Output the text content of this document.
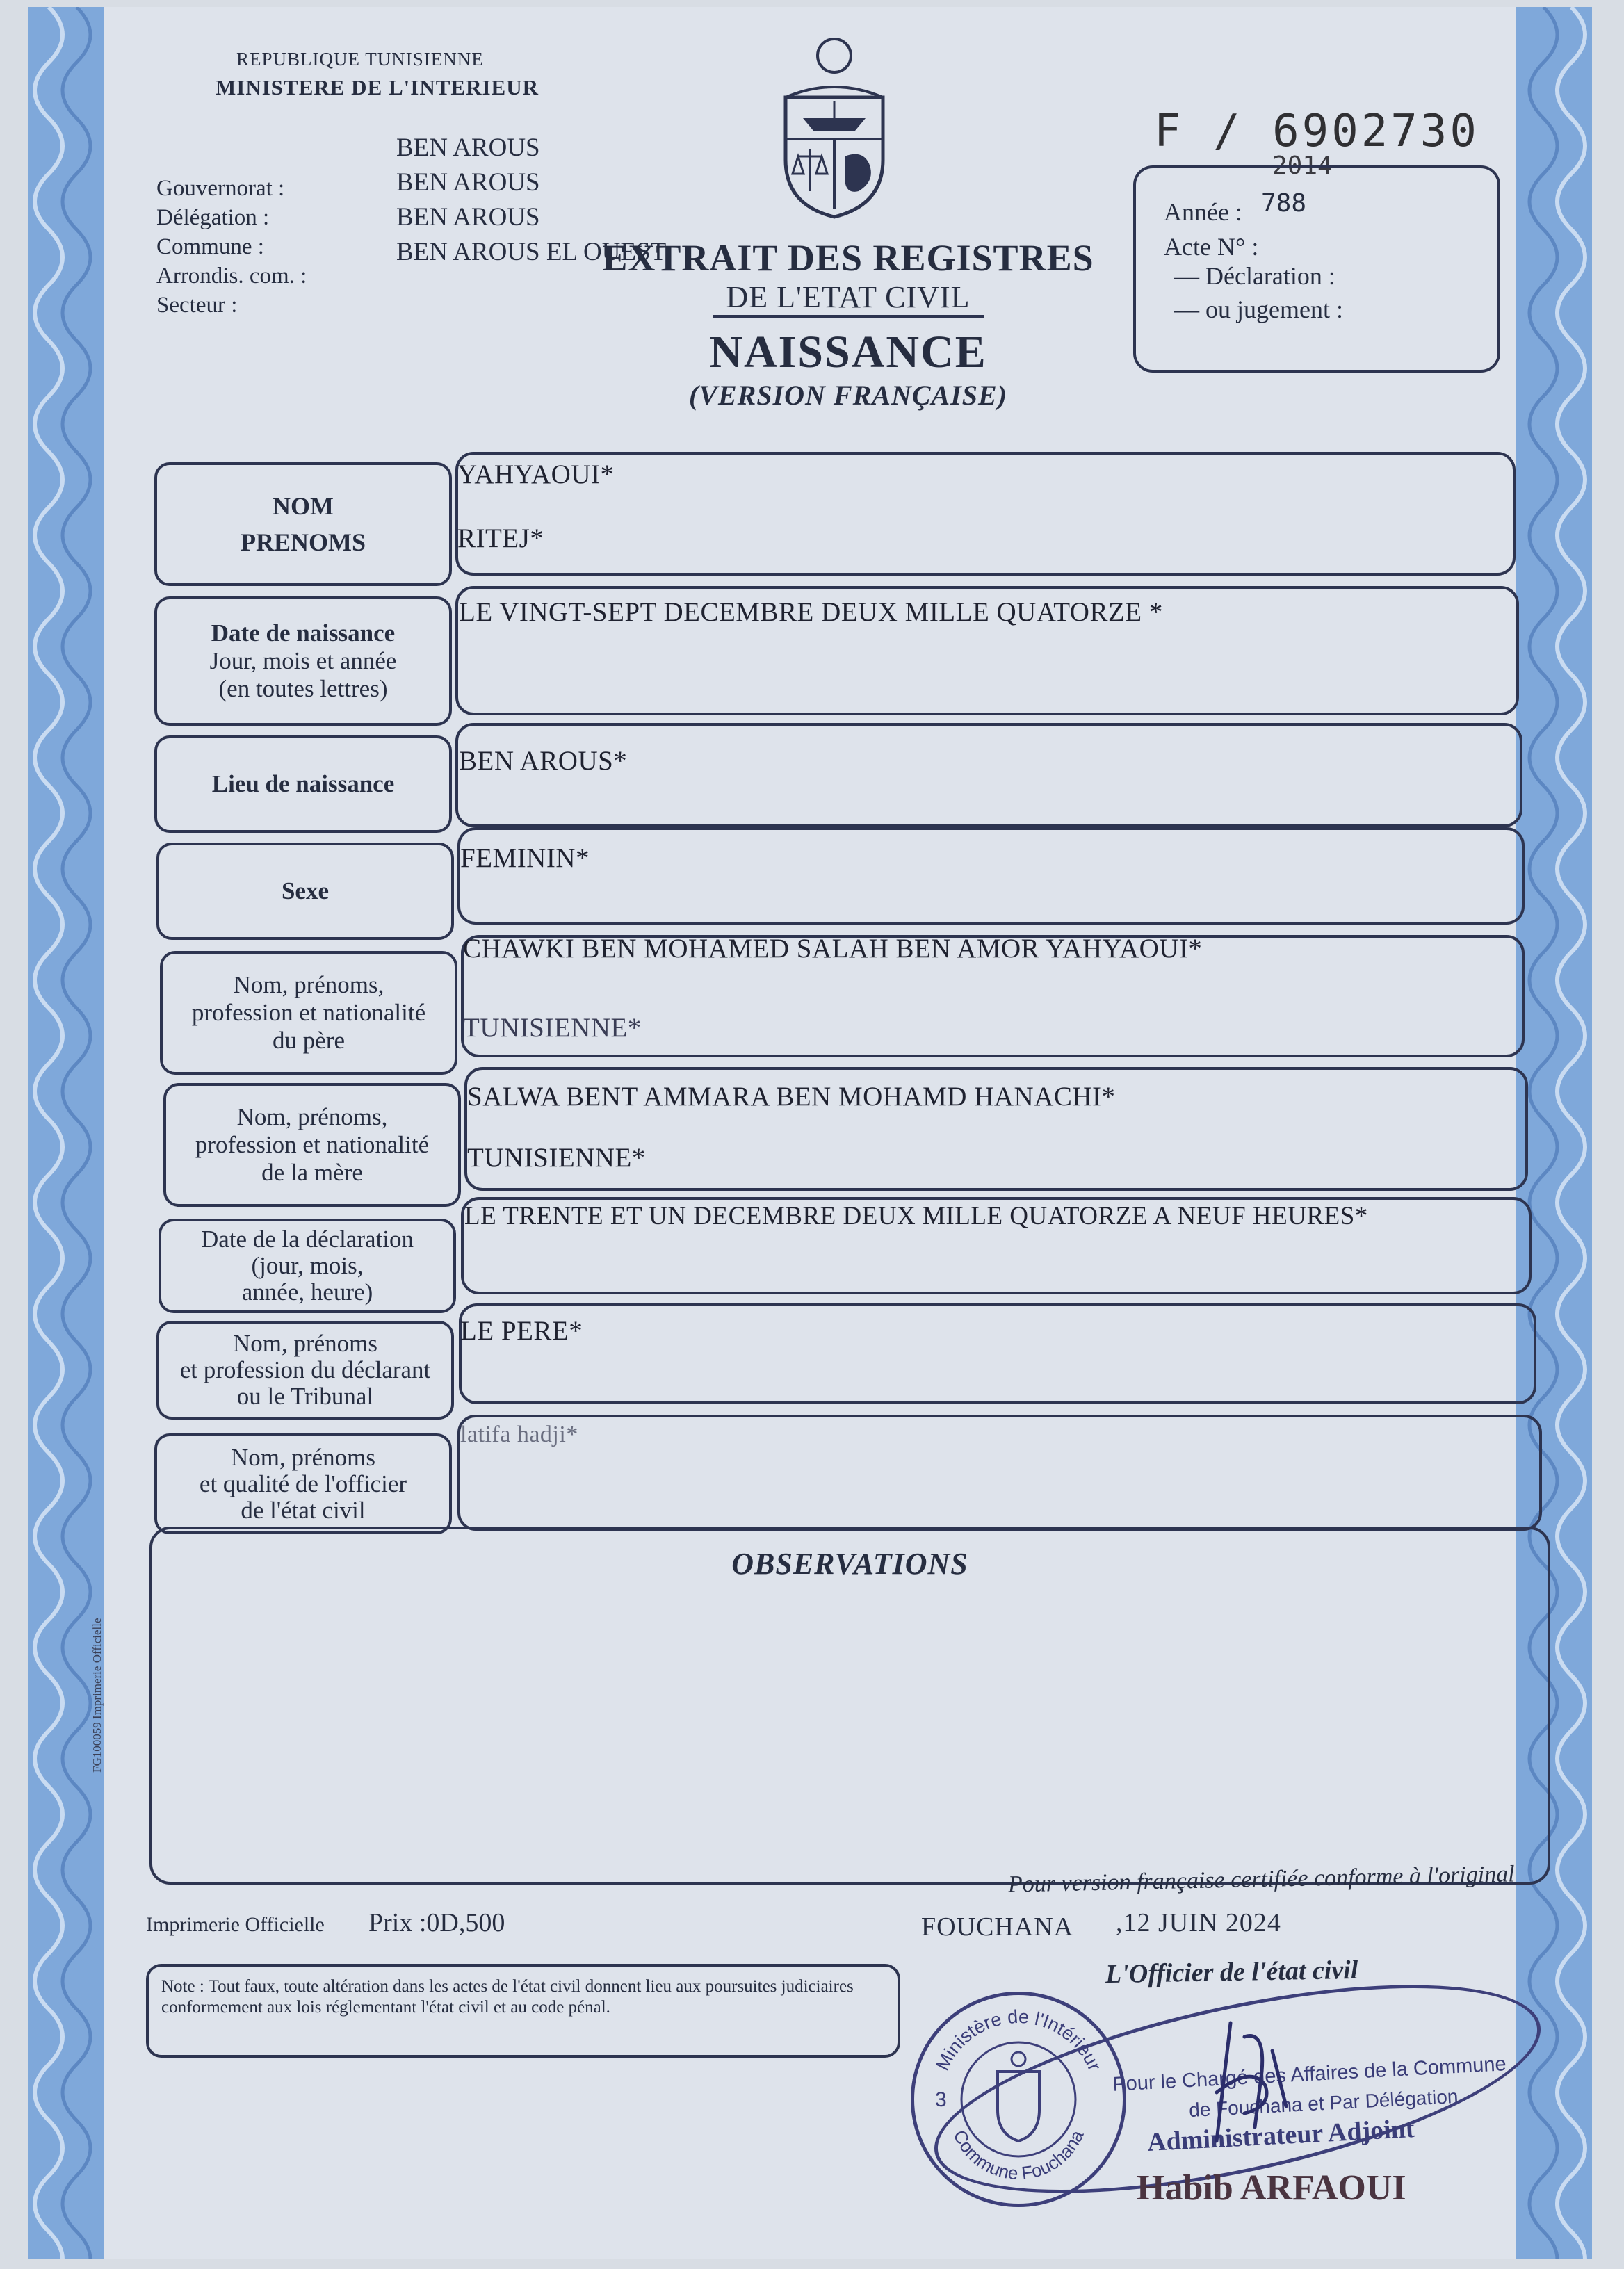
REPUBLIQUE TUNISIENNE
MINISTERE DE L'INTERIEUR
BEN AROUS
Gouvernorat :
Délégation :
Commune :
Arrondis. com. :
Secteur :
BEN AROUS
BEN AROUS
BEN AROUS EL OUEST
EXTRAIT DES REGISTRES
DE L'ETAT CIVIL
NAISSANCE
(VERSION FRANÇAISE)
F / 6902730
2014
Année : 788
Acte N° :
— Déclaration :
— ou jugement :
NOM
PRENOMS
YAHYAOUI*
RITEJ*
Date de naissance
Jour, mois et année
(en toutes lettres)
LE VINGT-SEPT DECEMBRE DEUX MILLE QUATORZE *
Lieu de naissance
BEN AROUS*
Sexe
FEMININ*
Nom, prénoms,
profession et nationalité
du père
CHAWKI BEN MOHAMED SALAH BEN AMOR YAHYAOUI*
TUNISIENNE*
Nom, prénoms,
profession et nationalité
de la mère
SALWA BENT AMMARA BEN MOHAMD HANACHI*
TUNISIENNE*
Date de la déclaration
(jour, mois,
année, heure)
LE TRENTE ET UN DECEMBRE DEUX MILLE QUATORZE A NEUF HEURES*
Nom, prénoms
et profession du déclarant
ou le Tribunal
LE PERE*
Nom, prénoms
et qualité de l'officier
de l'état civil
latifa hadji*
OBSERVATIONS
FG100059 Imprimerie Officielle
Pour version française certifiée conforme à l'original
Imprimerie Officielle Prix :0D,500	FOUCHANA ,12 JUIN 2024
L'Officier de l'état civil
Note : Tout faux, toute altération dans les actes de l'état civil donnent lieu aux poursuites judiciaires conformement aux lois réglementant l'état civil et au code pénal.
Ministère de l'Intérieur
Commune Fouchana
3
Pour le Chargé des Affaires de la Commune
de Fouchana et Par Délégation
Administrateur Adjoint
Habib ARFAOUI
